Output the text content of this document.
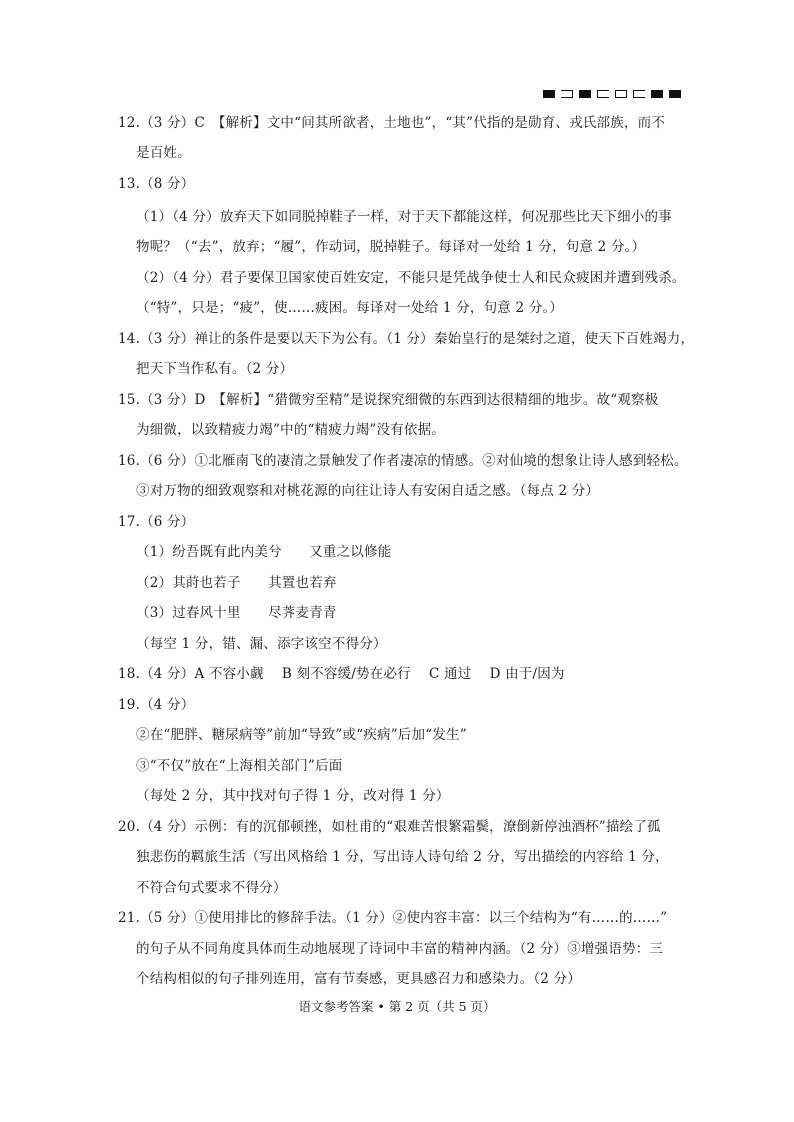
12.（3 分）C　【解析】文中“问其所欲者，土地也”，“其”代指的是勋育、戎氏部族，而不
是百姓。
13.（8 分）
（1）（4 分）放弃天下如同脱掉鞋子一样，对于天下都能这样，何况那些比天下细小的事
物呢？（“去”，放弃；“履”，作动词，脱掉鞋子。每译对一处给 1 分，句意 2 分。）
（2）（4 分）君子要保卫国家使百姓安定，不能只是凭战争使士人和民众疲困并遭到残杀。
（“特”，只是；“疲”，使……疲困。每译对一处给 1 分，句意 2 分。）
14.（3 分）禅让的条件是要以天下为公有。（1 分）秦始皇行的是桀纣之道，使天下百姓竭力，
把天下当作私有。（2 分）
15.（3 分）D　【解析】“猎微穷至精”是说探究细微的东西到达很精细的地步。故“观察极
为细微，以致精疲力竭”中的“精疲力竭”没有依据。
16.（6 分）①北雁南飞的凄清之景触发了作者凄凉的情感。②对仙境的想象让诗人感到轻松。
③对万物的细致观察和对桃花源的向往让诗人有安闲自适之感。（每点 2 分）
17.（6 分）
（1）纷吾既有此内美兮　　又重之以修能
（2）其莳也若子　　其置也若弃
（3）过春风十里　　尽荠麦青青
（每空 1 分，错、漏、添字该空不得分）
18.（4 分）A 不容小觑　 B 刻不容缓/势在必行　 C 通过　 D 由于/因为
19.（4 分）
②在“肥胖、糖尿病等”前加“导致”或“疾病”后加“发生”
③“不仅”放在“上海相关部门”后面
（每处 2 分，其中找对句子得 1 分，改对得 1 分）
20.（4 分）示例：有的沉郁顿挫，如杜甫的“艰难苦恨繁霜鬓，潦倒新停浊酒杯”描绘了孤
独悲伤的羁旅生活（写出风格给 1 分，写出诗人诗句给 2 分，写出描绘的内容给 1 分，
不符合句式要求不得分）
21.（5 分）①使用排比的修辞手法。（1 分）②使内容丰富：以三个结构为“有……的……”
的句子从不同角度具体而生动地展现了诗词中丰富的精神内涵。（2 分）③增强语势：三
个结构相似的句子排列连用，富有节奏感，更具感召力和感染力。（2 分）
语文参考答案 • 第 2 页（共 5 页）
